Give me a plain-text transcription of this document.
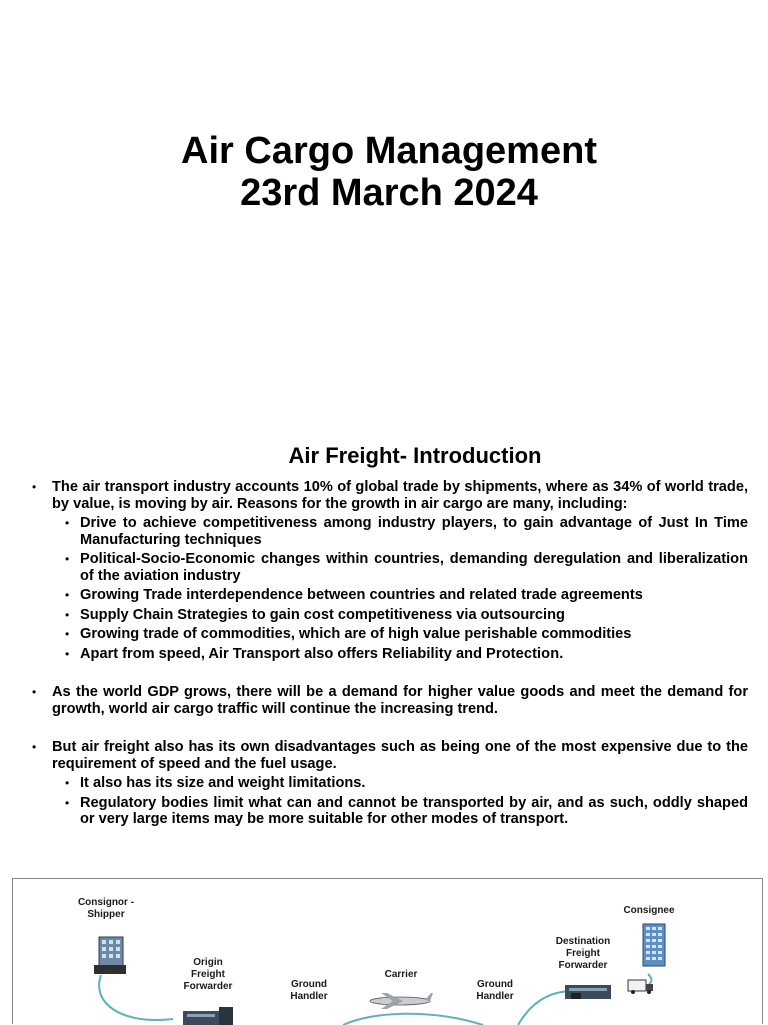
Air Cargo Management
23rd March 2024
Air Freight- Introduction
• The air transport industry accounts 10% of global trade by shipments, where as 34% of world trade, by value, is moving by air. Reasons for the growth in air cargo are many, including:
• Drive to achieve competitiveness among industry players, to gain advantage of Just In Time Manufacturing techniques
• Political-Socio-Economic changes within countries, demanding deregulation and liberalization of the aviation industry
• Growing Trade interdependence between countries and related trade agreements
• Supply Chain Strategies to gain cost competitiveness via outsourcing
• Growing trade of commodities, which are of high value perishable commodities
• Apart from speed, Air Transport also offers Reliability and Protection.
• As the world GDP grows, there will be a demand for higher value goods and meet the demand for growth, world air cargo traffic will continue the increasing trend.
• But air freight also has its own disadvantages such as being one of the most expensive due to the requirement of speed and the fuel usage.
• It also has its size and weight limitations.
• Regulatory bodies limit what can and cannot be transported by air, and as such, oddly shaped or very large items may be more suitable for other modes of transport.
Consignor - Shipper
Origin Freight Forwarder	Ground Handler
Carrier
Ground Handler
Destination Freight Forwarder
Consignee
